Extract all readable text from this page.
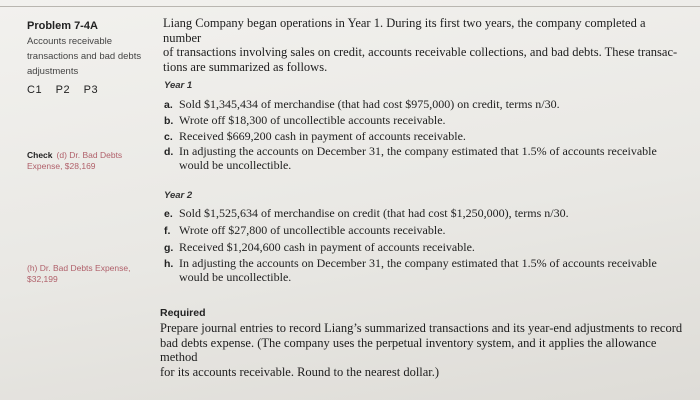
Problem 7-4A
Accounts receivable
transactions and bad debts
adjustments
C1 P2 P3
Check (d) Dr. Bad Debts
Expense, $28,169
(h) Dr. Bad Debts Expense,
$32,199
Liang Company began operations in Year 1. During its first two years, the company completed a number
of transactions involving sales on credit, accounts receivable collections, and bad debts. These transac-
tions are summarized as follows.
Year 1
a. Sold $1,345,434 of merchandise (that had cost $975,000) on credit, terms n/30.
b. Wrote off $18,300 of uncollectible accounts receivable.
c. Received $669,200 cash in payment of accounts receivable.
d. In adjusting the accounts on December 31, the company estimated that 1.5% of accounts receivable
would be uncollectible.
Year 2
e. Sold $1,525,634 of merchandise on credit (that had cost $1,250,000), terms n/30.
f. Wrote off $27,800 of uncollectible accounts receivable.
g. Received $1,204,600 cash in payment of accounts receivable.
h. In adjusting the accounts on December 31, the company estimated that 1.5% of accounts receivable
would be uncollectible.
Required
Prepare journal entries to record Liang’s summarized transactions and its year-end adjustments to record
bad debts expense. (The company uses the perpetual inventory system, and it applies the allowance method
for its accounts receivable. Round to the nearest dollar.)
